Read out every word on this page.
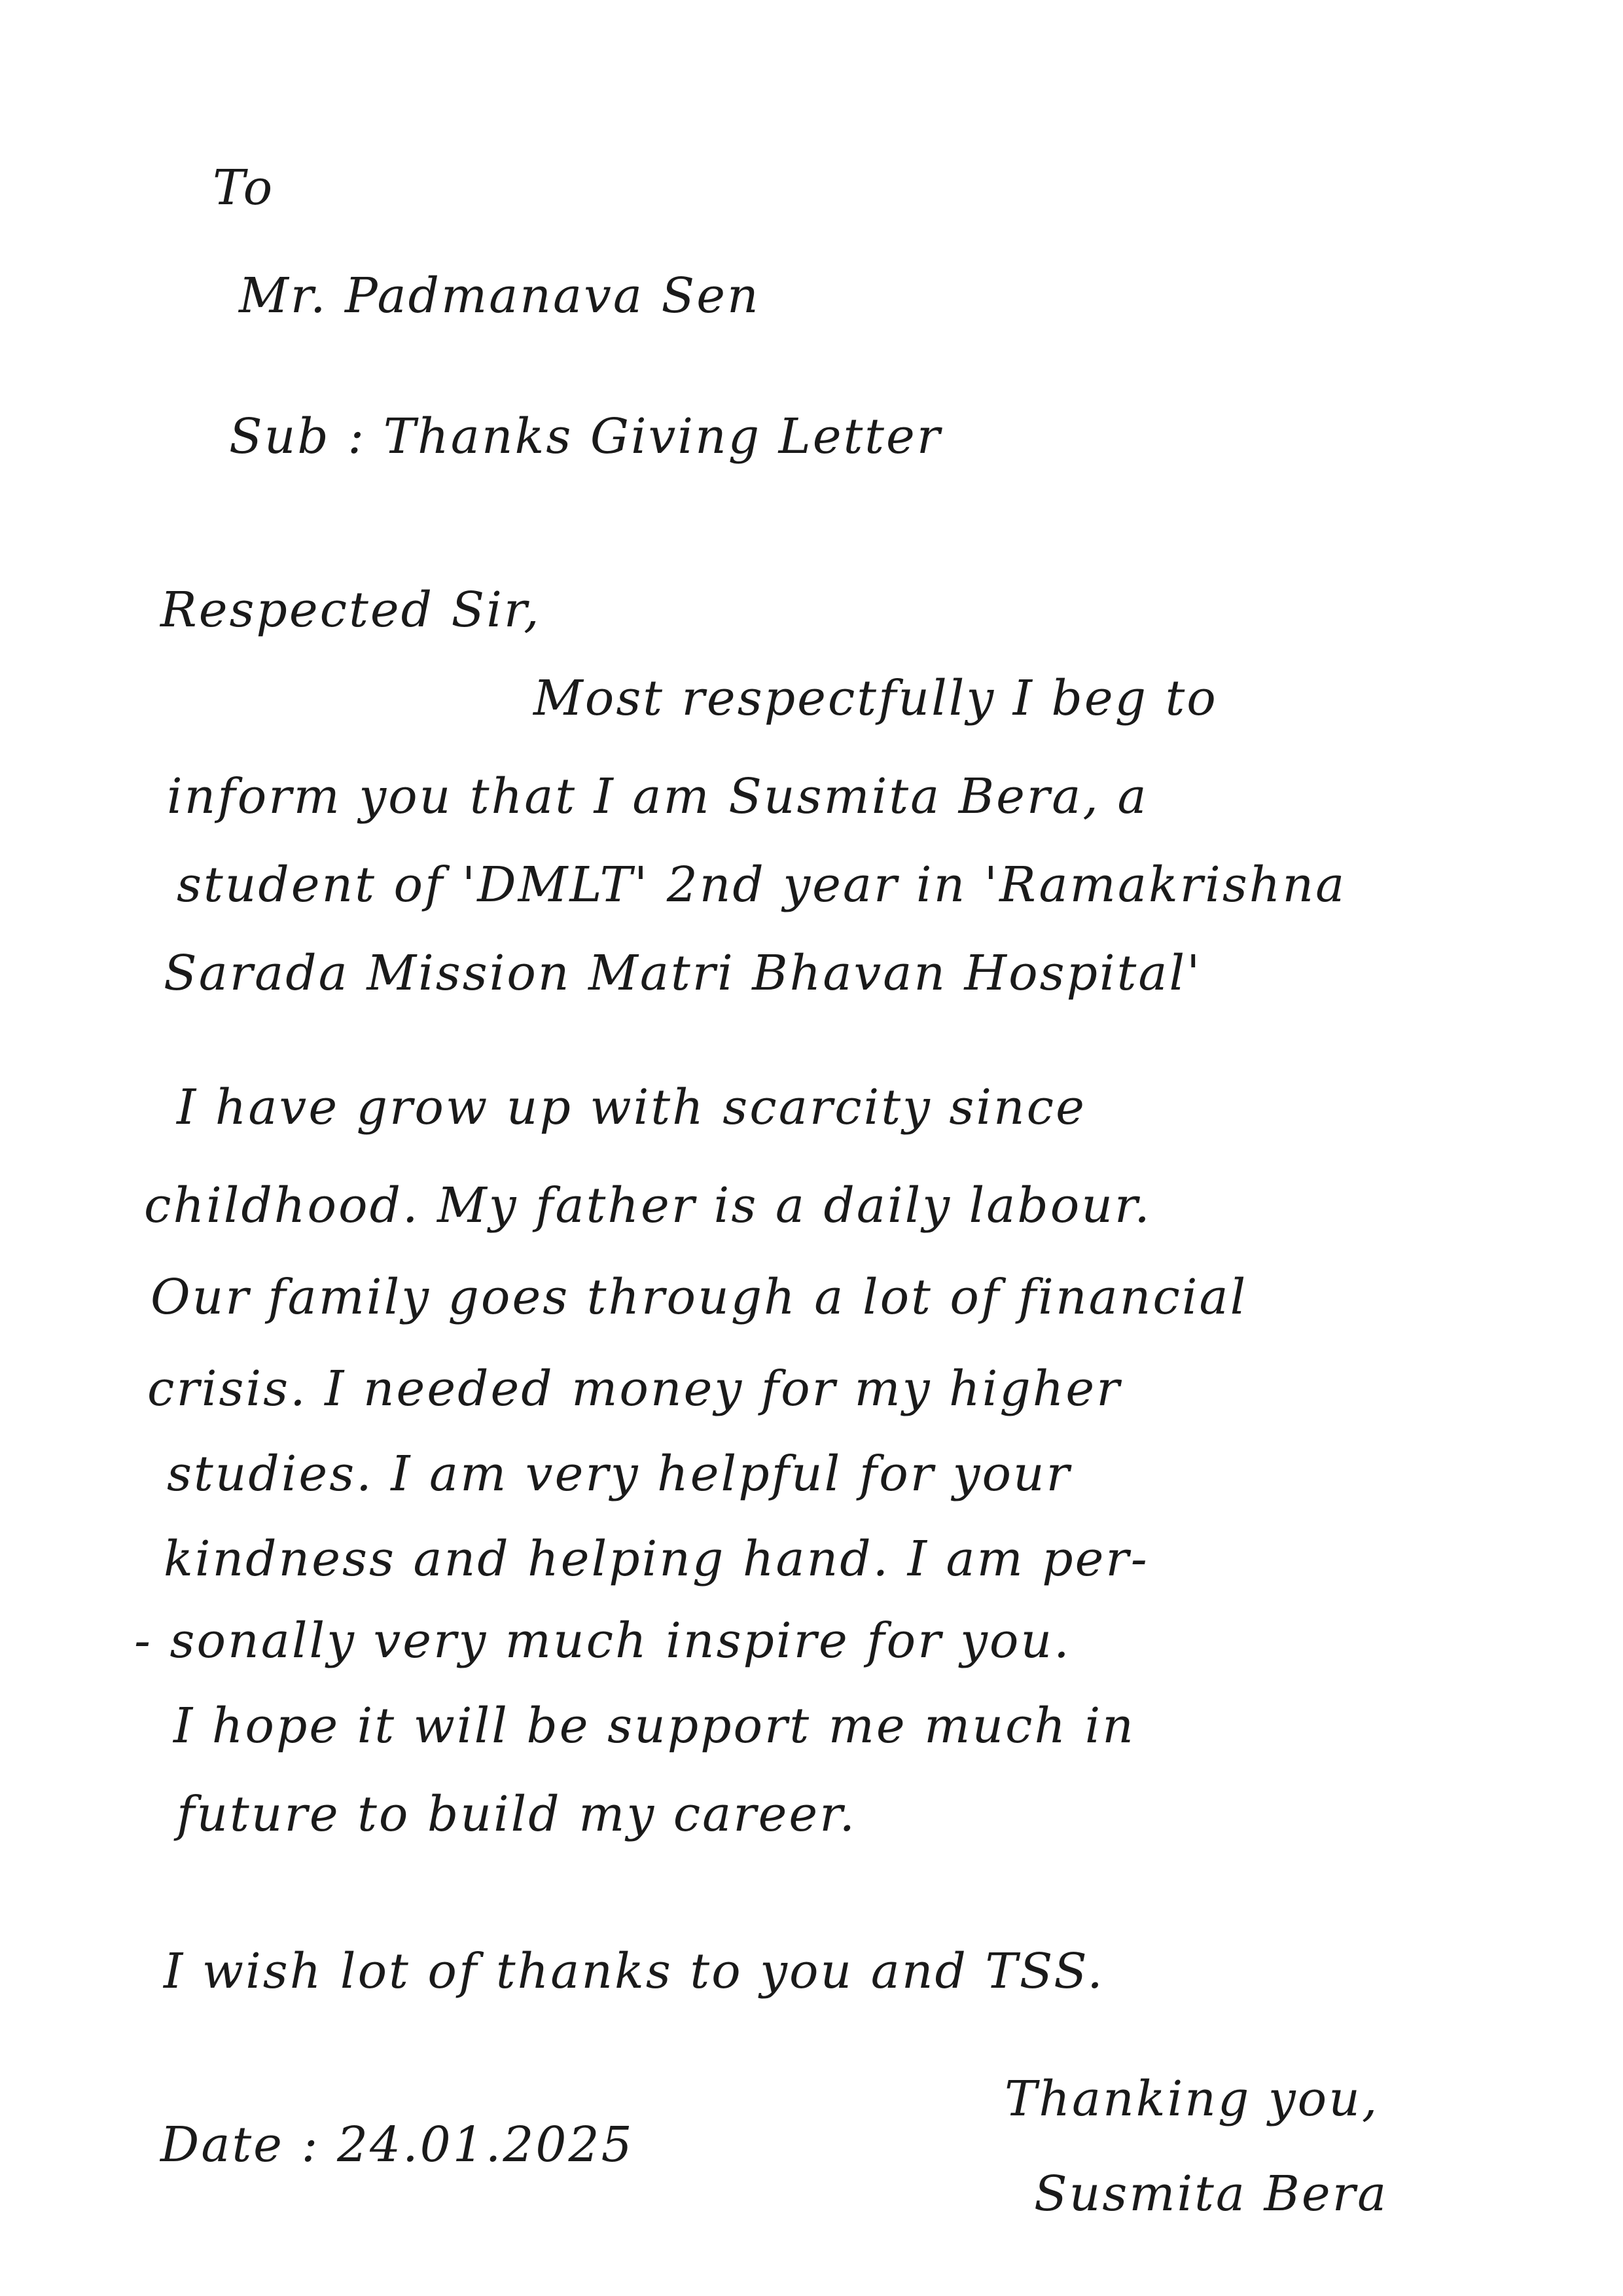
To
Mr. Padmanava Sen
Sub : Thanks Giving Letter
Respected Sir,
Most respectfully I beg to
inform you that I am Susmita Bera, a
student of 'DMLT' 2nd year in 'Ramakrishna
Sarada Mission Matri Bhavan Hospital'
I have grow up with scarcity since
childhood. My father is a daily labour.
Our family goes through a lot of financial
crisis. I needed money for my higher
studies. I am very helpful for your
kindness and helping hand. I am per-
- sonally very much inspire for you.
I hope it will be support me much in
future to build my career.
I wish lot of thanks to you and TSS.
Date : 24.01.2025
Thanking you,
Susmita Bera
